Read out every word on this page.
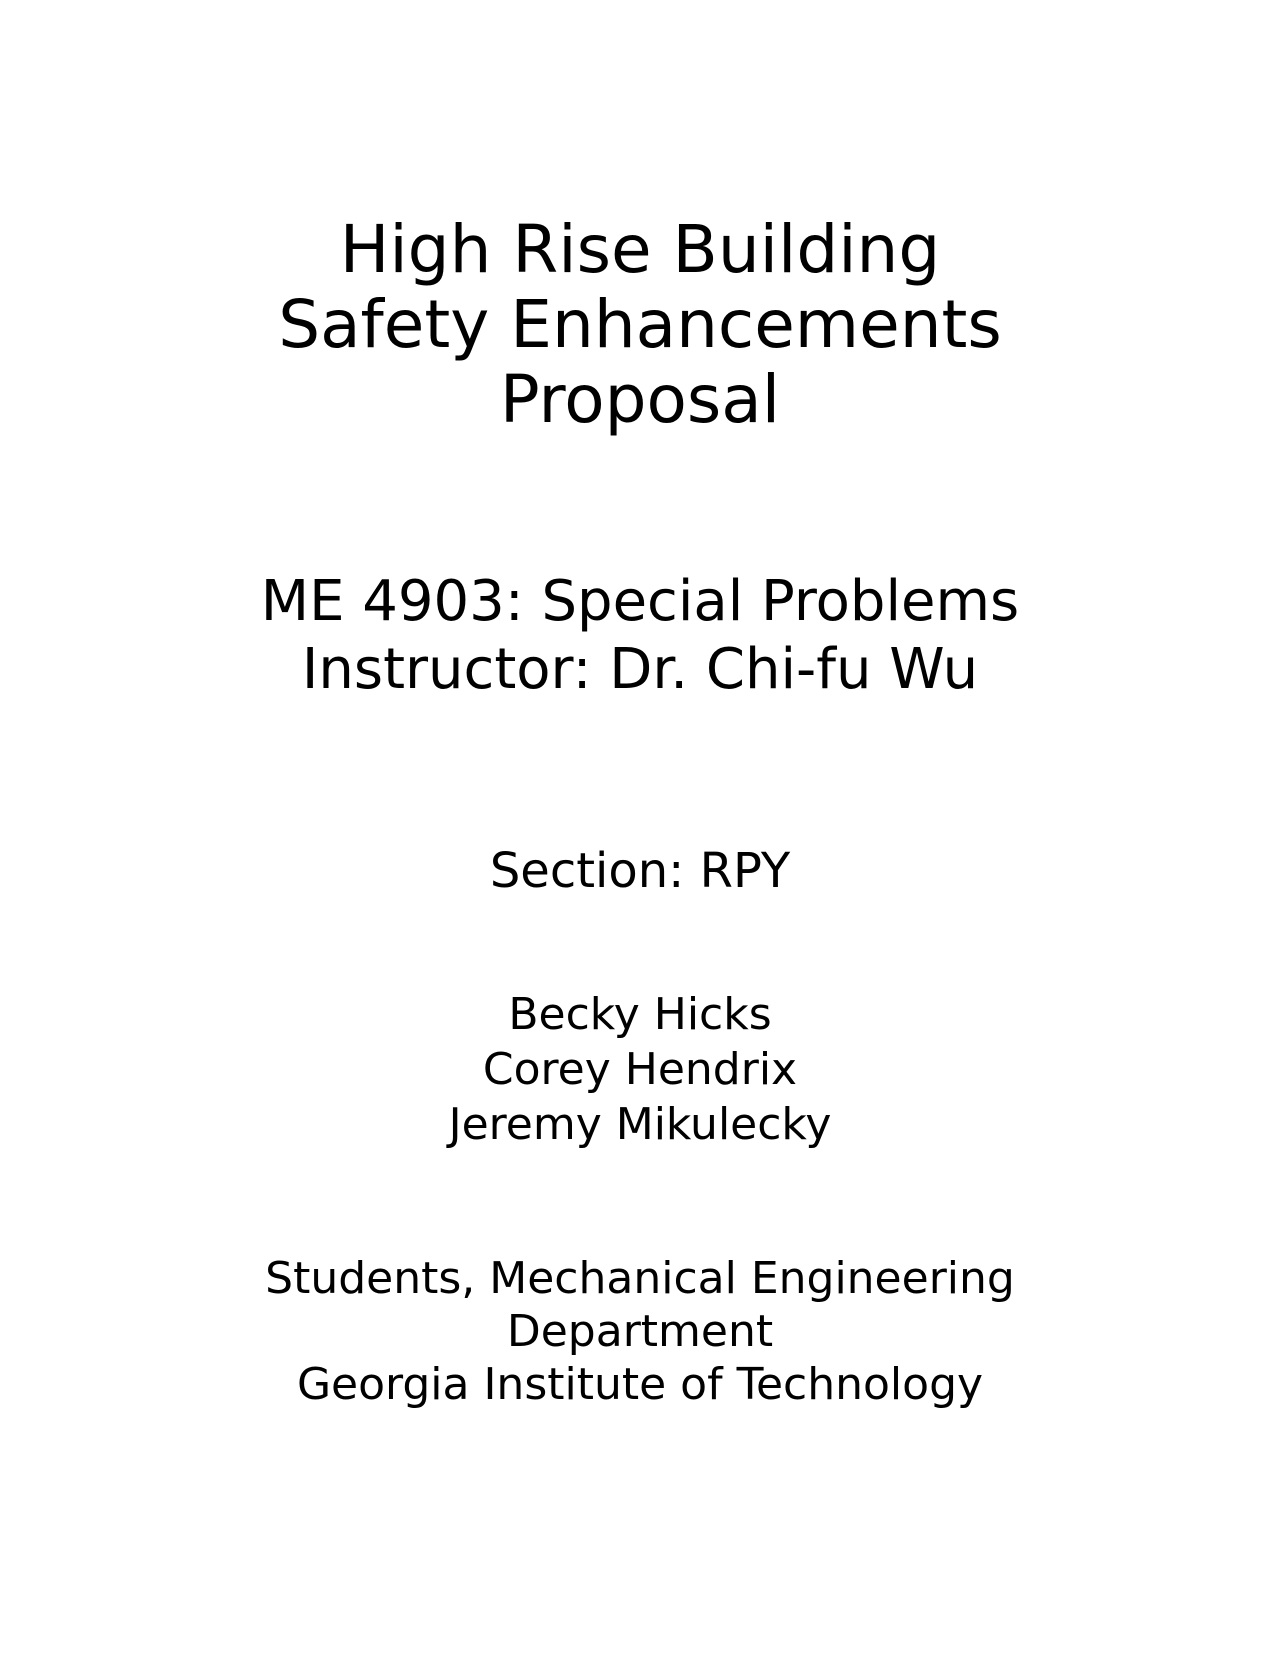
High Rise Building
Safety Enhancements
Proposal
ME 4903: Special Problems
Instructor: Dr. Chi-fu Wu
Section: RPY
Becky Hicks
Corey Hendrix
Jeremy Mikulecky
Students, Mechanical Engineering
Department
Georgia Institute of Technology
